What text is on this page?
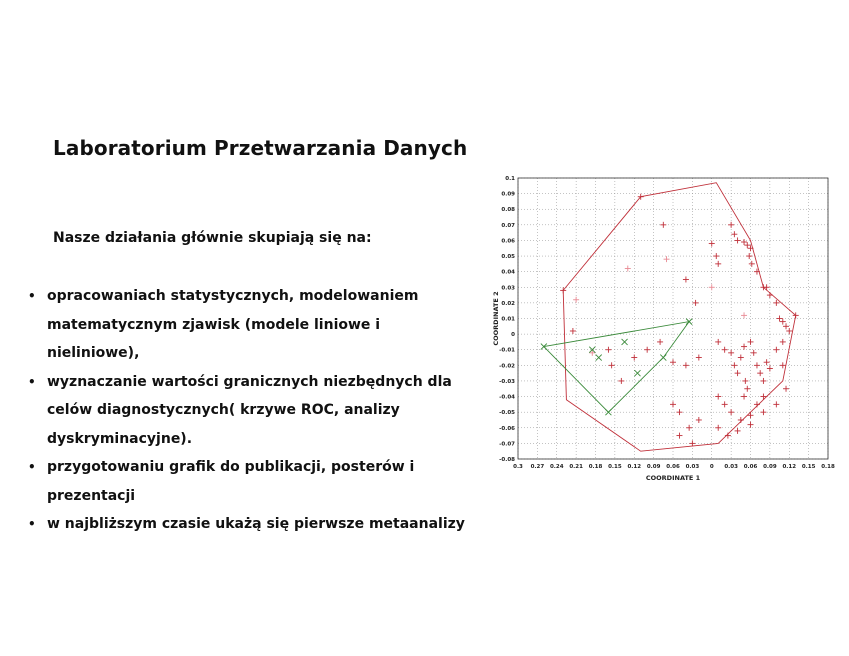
Laboratorium Przetwarzania Danych
Nasze działania głównie skupiają się na:
• opracowaniach statystycznych, modelowaniem matematycznym zjawisk (modele liniowe i nieliniowe),
• wyznaczanie wartości granicznych niezbędnych dla celów diagnostycznych( krzywe ROC, analizy dyskryminacyjne).
• przygotowaniu grafik do publikacji, posterów i prezentacji
• w najbliższym czasie ukażą się pierwsze metaanalizy
0.3 0.27 0.24 0.21 0.18 0.15 0.12 0.09 0.06 0.03 0 0.03 0.06 0.09 0.12 0.15 0.18
0.1
0.09
0.08
0.07
0.06
0.05
0.04
0.03
0.02
0.01
0
-0.01
-0.02
-0.03
-0.04
-0.05
-0.06
-0.07
-0.08
COORDINATE 1
COORDINATE 2
